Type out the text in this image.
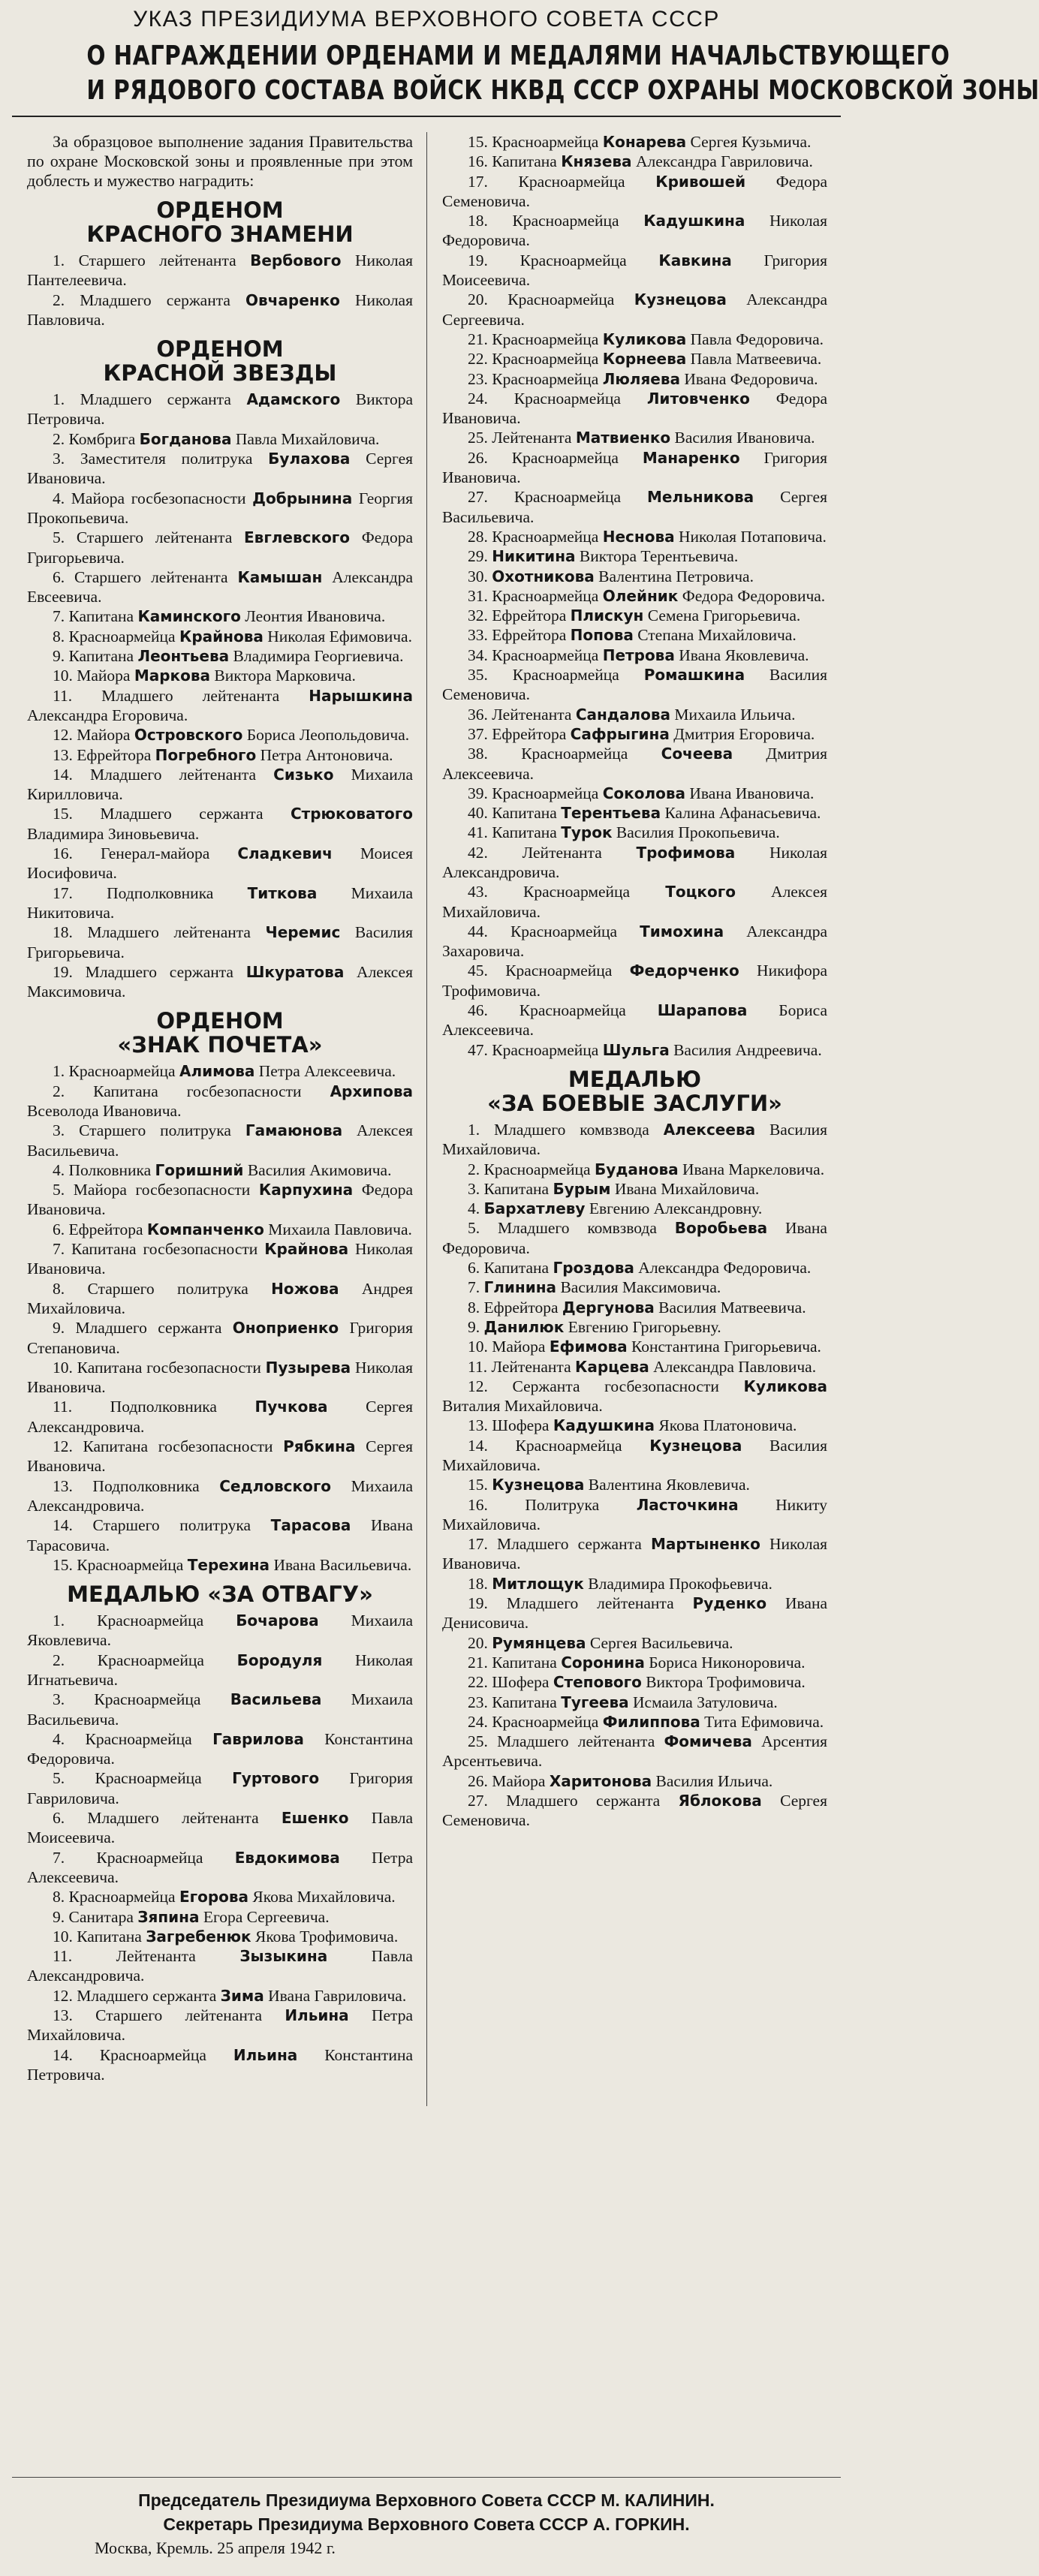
УКАЗ ПРЕЗИДИУМА ВЕРХОВНОГО СОВЕТА СССР
О НАГРАЖДЕНИИ ОРДЕНАМИ И МЕДАЛЯМИ НАЧАЛЬСТВУЮЩЕГО
И РЯДОВОГО СОСТАВА ВОЙСК НКВД СССР ОХРАНЫ МОСКОВСКОЙ ЗОНЫ

За образцовое выполнение задания Правительства по охране Московской зоны и проявленные при этом доблесть и мужество наградить:

ОРДЕНОМ
КРАСНОГО ЗНАМЕНИ

1. Старшего лейтенанта Вербового Николая Пантелеевича.

2. Младшего сержанта Овчаренко Николая Павловича.

ОРДЕНОМ
КРАСНОЙ ЗВЕЗДЫ

1. Младшего сержанта Адамского Виктора Петровича.

2. Комбрига Богданова Павла Михайловича.

3. Заместителя политрука Булахова Сергея Ивановича.

4. Майора госбезопасности Добрынина Георгия Прокопьевича.

5. Старшего лейтенанта Евглевского Федора Григорьевича.

6. Старшего лейтенанта Камышан Александра Евсеевича.

7. Капитана Каминского Леонтия Ивановича.

8. Красноармейца Крайнова Николая Ефимовича.

9. Капитана Леонтьева Владимира Георгиевича.

10. Майора Маркова Виктора Марковича.

11. Младшего лейтенанта Нарышкина Александра Егоровича.

12. Майора Островского Бориса Леопольдовича.

13. Ефрейтора Погребного Петра Антоновича.

14. Младшего лейтенанта Сизько Михаила Кирилловича.

15. Младшего сержанта Стрюковатого Владимира Зиновьевича.

16. Генерал-майора Сладкевич Моисея Иосифовича.

17. Подполковника Титкова Михаила Никитовича.

18. Младшего лейтенанта Черемис Василия Григорьевича.

19. Младшего сержанта Шкуратова Алексея Максимовича.

ОРДЕНОМ
«ЗНАК ПОЧЕТА»

1. Красноармейца Алимова Петра Алексеевича.

2. Капитана госбезопасности Архипова Всеволода Ивановича.

3. Старшего политрука Гамаюнова Алексея Васильевича.

4. Полковника Горишний Василия Акимовича.

5. Майора госбезопасности Карпухина Федора Ивановича.

6. Ефрейтора Компанченко Михаила Павловича.

7. Капитана госбезопасности Крайнова Николая Ивановича.

8. Старшего политрука Ножова Андрея Михайловича.

9. Младшего сержанта Оноприенко Григория Степановича.

10. Капитана госбезопасности Пузырева Николая Ивановича.

11. Подполковника Пучкова Сергея Александровича.

12. Капитана госбезопасности Рябкина Сергея Ивановича.

13. Подполковника Седловского Михаила Александровича.

14. Старшего политрука Тарасова Ивана Тарасовича.

15. Красноармейца Терехина Ивана Васильевича.

МЕДАЛЬЮ «ЗА ОТВАГУ»

1. Красноармейца Бочарова Михаила Яковлевича.

2. Красноармейца Бородуля Николая Игнатьевича.

3. Красноармейца Васильева Михаила Васильевича.

4. Красноармейца Гаврилова Константина Федоровича.

5. Красноармейца Гуртового Григория Гавриловича.

6. Младшего лейтенанта Ешенко Павла Моисеевича.

7. Красноармейца Евдокимова Петра Алексеевича.

8. Красноармейца Егорова Якова Михайловича.

9. Санитара Зяпина Егора Сергеевича.

10. Капитана Загребенюк Якова Трофимовича.

11. Лейтенанта Зызыкина Павла Александровича.

12. Младшего сержанта Зима Ивана Гавриловича.

13. Старшего лейтенанта Ильина Петра Михайловича.

14. Красноармейца Ильина Константина Петровича.

15. Красноармейца Конарева Сергея Кузьмича.

16. Капитана Князева Александра Гавриловича.

17. Красноармейца Кривошей Федора Семеновича.

18. Красноармейца Кадушкина Николая Федоровича.

19. Красноармейца Кавкина Григория Моисеевича.

20. Красноармейца Кузнецова Александра Сергеевича.

21. Красноармейца Куликова Павла Федоровича.

22. Красноармейца Корнеева Павла Матвеевича.

23. Красноармейца Люляева Ивана Федоровича.

24. Красноармейца Литовченко Федора Ивановича.

25. Лейтенанта Матвиенко Василия Ивановича.

26. Красноармейца Манаренко Григория Ивановича.

27. Красноармейца Мельникова Сергея Васильевича.

28. Красноармейца Неснова Николая Потаповича.

29. Никитина Виктора Терентьевича.

30. Охотникова Валентина Петровича.

31. Красноармейца Олейник Федора Федоровича.

32. Ефрейтора Плискун Семена Григорьевича.

33. Ефрейтора Попова Степана Михайловича.

34. Красноармейца Петрова Ивана Яковлевича.

35. Красноармейца Ромашкина Василия Семеновича.

36. Лейтенанта Сандалова Михаила Ильича.

37. Ефрейтора Сафрыгина Дмитрия Егоровича.

38. Красноармейца Сочеева Дмитрия Алексеевича.

39. Красноармейца Соколова Ивана Ивановича.

40. Капитана Терентьева Калина Афанасьевича.

41. Капитана Турок Василия Прокопьевича.

42. Лейтенанта Трофимова Николая Александровича.

43. Красноармейца Тоцкого Алексея Михайловича.

44. Красноармейца Тимохина Александра Захаровича.

45. Красноармейца Федорченко Никифора Трофимовича.

46. Красноармейца Шарапова Бориса Алексеевича.

47. Красноармейца Шульга Василия Андреевича.

МЕДАЛЬЮ
«ЗА БОЕВЫЕ ЗАСЛУГИ»

1. Младшего комвзвода Алексеева Василия Михайловича.

2. Красноармейца Буданова Ивана Маркеловича.

3. Капитана Бурым Ивана Михайловича.

4. Бархатлеву Евгению Александровну.

5. Младшего комвзвода Воробьева Ивана Федоровича.

6. Капитана Гроздова Александра Федоровича.

7. Глинина Василия Максимовича.

8. Ефрейтора Дергунова Василия Матвеевича.

9. Данилюк Евгению Григорьевну.

10. Майора Ефимова Константина Григорьевича.

11. Лейтенанта Карцева Александра Павловича.

12. Сержанта госбезопасности Куликова Виталия Михайловича.

13. Шофера Кадушкина Якова Платоновича.

14. Красноармейца Кузнецова Василия Михайловича.

15. Кузнецова Валентина Яковлевича.

16. Политрука Ласточкина Никиту Михайловича.

17. Младшего сержанта Мартыненко Николая Ивановича.

18. Митлощук Владимира Прокофьевича.

19. Младшего лейтенанта Руденко Ивана Денисовича.

20. Румянцева Сергея Васильевича.

21. Капитана Соронина Бориса Никоноровича.

22. Шофера Степового Виктора Трофимовича.

23. Капитана Тугеева Исмаила Затуловича.

24. Красноармейца Филиппова Тита Ефимовича.

25. Младшего лейтенанта Фомичева Арсентия Арсентьевича.

26. Майора Харитонова Василия Ильича.

27. Младшего сержанта Яблокова Сергея Семеновича.

Председатель Президиума Верховного Совета СССР М. КАЛИНИН.
Секретарь Президиума Верховного Совета СССР А. ГОРКИН.
Москва, Кремль. 25 апреля 1942 г.
